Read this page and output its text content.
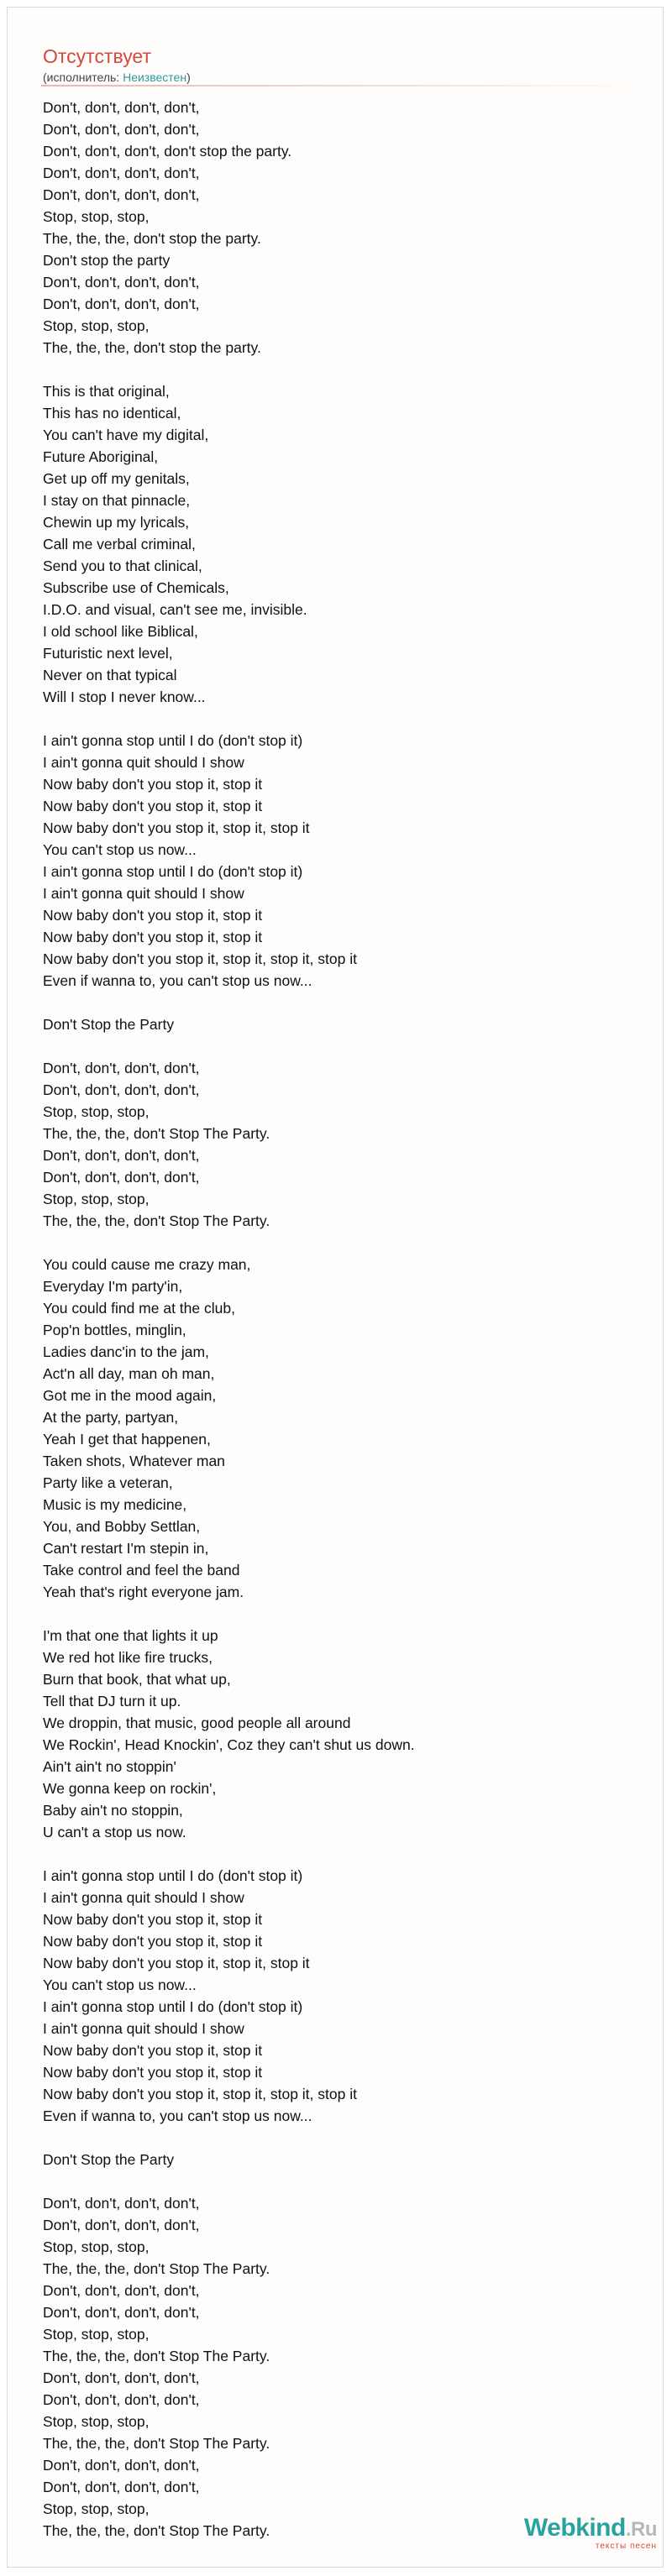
Отсутствует
(исполнитель: Неизвестен)
Don't, don't, don't, don't,
Don't, don't, don't, don't,
Don't, don't, don't, don't stop the party.
Don't, don't, don't, don't,
Don't, don't, don't, don't,
Stop, stop, stop,
The, the, the, don't stop the party.
Don't stop the party
Don't, don't, don't, don't,
Don't, don't, don't, don't,
Stop, stop, stop,
The, the, the, don't stop the party.

This is that original,
This has no identical,
You can't have my digital,
Future Aboriginal,
Get up off my genitals,
I stay on that pinnacle,
Chewin up my lyricals,
Call me verbal criminal,
Send you to that clinical,
Subscribe use of Chemicals,
I.D.O. and visual, can't see me, invisible.
I old school like Biblical,
Futuristic next level,
Never on that typical
Will I stop I never know...

I ain't gonna stop until I do (don't stop it)
I ain't gonna quit should I show
Now baby don't you stop it, stop it
Now baby don't you stop it, stop it
Now baby don't you stop it, stop it, stop it
You can't stop us now...
I ain't gonna stop until I do (don't stop it)
I ain't gonna quit should I show
Now baby don't you stop it, stop it
Now baby don't you stop it, stop it
Now baby don't you stop it, stop it, stop it, stop it
Even if wanna to, you can't stop us now...

Don't Stop the Party

Don't, don't, don't, don't,
Don't, don't, don't, don't,
Stop, stop, stop,
The, the, the, don't Stop The Party.
Don't, don't, don't, don't,
Don't, don't, don't, don't,
Stop, stop, stop,
The, the, the, don't Stop The Party.

You could cause me crazy man,
Everyday I'm party'in,
You could find me at the club,
Pop'n bottles, minglin,
Ladies danc'in to the jam,
Act'n all day, man oh man,
Got me in the mood again,
At the party, partyan,
Yeah I get that happenen,
Taken shots, Whatever man
Party like a veteran,
Music is my medicine,
You, and Bobby Settlan,
Can't restart I'm stepin in,
Take control and feel the band
Yeah that's right everyone jam.

I'm that one that lights it up
We red hot like fire trucks,
Burn that book, that what up,
Tell that DJ turn it up.
We droppin, that music, good people all around
We Rockin', Head Knockin', Coz they can't shut us down.
Ain't ain't no stoppin'
We gonna keep on rockin',
Baby ain't no stoppin,
U can't a stop us now.

I ain't gonna stop until I do (don't stop it)
I ain't gonna quit should I show
Now baby don't you stop it, stop it
Now baby don't you stop it, stop it
Now baby don't you stop it, stop it, stop it
You can't stop us now...
I ain't gonna stop until I do (don't stop it)
I ain't gonna quit should I show
Now baby don't you stop it, stop it
Now baby don't you stop it, stop it
Now baby don't you stop it, stop it, stop it, stop it
Even if wanna to, you can't stop us now...

Don't Stop the Party

Don't, don't, don't, don't,
Don't, don't, don't, don't,
Stop, stop, stop,
The, the, the, don't Stop The Party.
Don't, don't, don't, don't,
Don't, don't, don't, don't,
Stop, stop, stop,
The, the, the, don't Stop The Party.
Don't, don't, don't, don't,
Don't, don't, don't, don't,
Stop, stop, stop,
The, the, the, don't Stop The Party.
Don't, don't, don't, don't,
Don't, don't, don't, don't,
Stop, stop, stop,
The, the, the, don't Stop The Party.	Webkind.Ru
тексты песен
